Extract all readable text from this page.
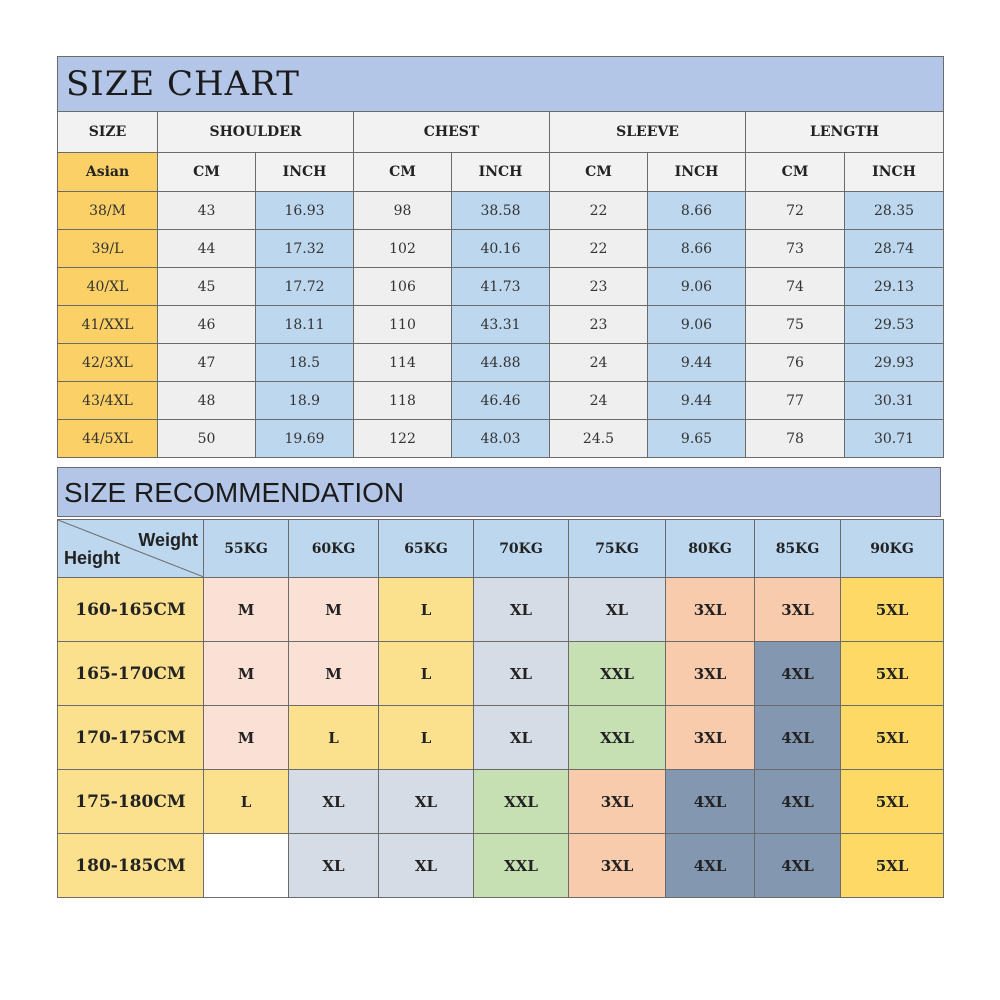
SIZE CHART								
SIZE	SHOULDER		CHEST		SLEEVE		LENGTH	
Asian	CM	INCH	CM	INCH	CM	INCH	CM	INCH
38/M	43	16.93	98	38.58	22	8.66	72	28.35
39/L	44	17.32	102	40.16	22	8.66	73	28.74
40/XL	45	17.72	106	41.73	23	9.06	74	29.13
41/XXL	46	18.11	110	43.31	23	9.06	75	29.53
42/3XL	47	18.5	114	44.88	24	9.44	76	29.93
43/4XL	48	18.9	118	46.46	24	9.44	77	30.31
44/5XL	50	19.69	122	48.03	24.5	9.65	78	30.71
SIZE RECOMMENDATION
Weight
Height	55KG	60KG	65KG	70KG	75KG	80KG	85KG	90KG
160-165CM	M	M	L	XL	XL	3XL	3XL	5XL
165-170CM	M	M	L	XL	XXL	3XL	4XL	5XL
170-175CM	M	L	L	XL	XXL	3XL	4XL	5XL
175-180CM	L	XL	XL	XXL	3XL	4XL	4XL	5XL
180-185CM		XL	XL	XXL	3XL	4XL	4XL	5XL
